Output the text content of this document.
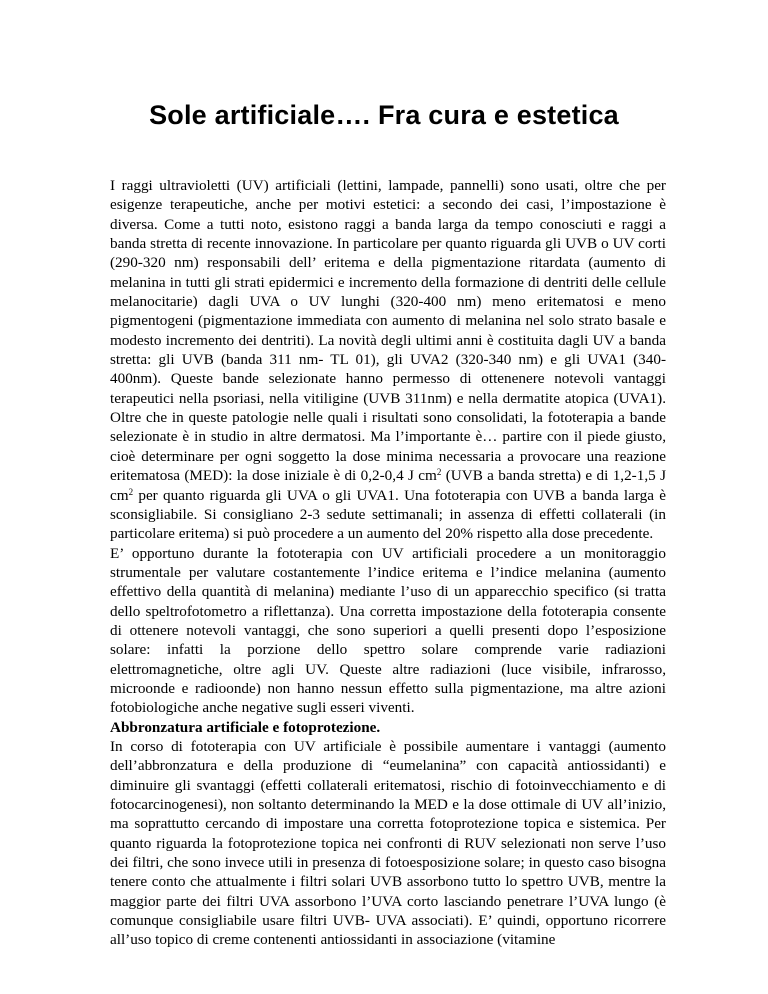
Sole artificiale…. Fra cura e estetica

I raggi ultravioletti (UV) artificiali (lettini, lampade, pannelli) sono usati, oltre che per esigenze terapeutiche, anche per motivi estetici: a secondo dei casi, l’impostazione è diversa. Come a tutti noto, esistono raggi a banda larga da tempo conosciuti e raggi a banda stretta di recente innovazione. In particolare per quanto riguarda gli UVB o UV corti (290-320 nm) responsabili dell’ eritema e della pigmentazione ritardata (aumento di melanina in tutti gli strati epidermici e incremento della formazione di dentriti delle cellule melanocitarie) dagli UVA o UV lunghi (320-400 nm) meno eritematosi e meno pigmentogeni (pigmentazione immediata con aumento di melanina nel solo strato basale e modesto incremento dei dentriti). La novità degli ultimi anni è costituita dagli UV a banda stretta: gli UVB (banda 311 nm- TL 01), gli UVA2 (320-340 nm) e gli UVA1 (340-400nm). Queste bande selezionate hanno permesso di ottenenere notevoli vantaggi terapeutici nella psoriasi, nella vitiligine (UVB 311nm) e nella dermatite atopica (UVA1). Oltre che in queste patologie nelle quali i risultati sono consolidati, la fototerapia a bande selezionate è in studio in altre dermatosi. Ma l’importante è… partire con il piede giusto, cioè determinare per ogni soggetto la dose minima necessaria a provocare una reazione eritematosa (MED): la dose iniziale è di 0,2-0,4 J $cm^2$ (UVB a banda stretta) e di 1,2-1,5 J $cm^2$ per quanto riguarda gli UVA o gli UVA1. Una fototerapia con UVB a banda larga è sconsigliabile. Si consigliano 2-3 sedute settimanali; in assenza di effetti collaterali (in particolare eritema) si può procedere a un aumento del 20% rispetto alla dose precedente.

E’ opportuno durante la fototerapia con UV artificiali procedere a un monitoraggio strumentale per valutare costantemente l’indice eritema e l’indice melanina (aumento effettivo della quantità di melanina) mediante l’uso di un apparecchio specifico (si tratta dello speltrofotometro a riflettanza). Una corretta impostazione della fototerapia consente di ottenere notevoli vantaggi, che sono superiori a quelli presenti dopo l’esposizione solare: infatti la porzione dello spettro solare comprende varie radiazioni elettromagnetiche, oltre agli UV. Queste altre radiazioni (luce visibile, infrarosso, microonde e radioonde) non hanno nessun effetto sulla pigmentazione, ma altre azioni fotobiologiche anche negative sugli esseri viventi.

Abbronzatura artificiale e fotoprotezione.

In corso di fototerapia con UV artificiale è possibile aumentare i vantaggi (aumento dell’abbronzatura e della produzione di “eumelanina” con capacità antiossidanti) e diminuire gli svantaggi (effetti collaterali eritematosi, rischio di fotoinvecchiamento e di fotocarcinogenesi), non soltanto determinando la MED e la dose ottimale di UV all’inizio, ma soprattutto cercando di impostare una corretta fotoprotezione topica e sistemica. Per quanto riguarda la fotoprotezione topica nei confronti di RUV selezionati non serve l’uso dei filtri, che sono invece utili in presenza di fotoesposizione solare; in questo caso bisogna tenere conto che attualmente i filtri solari UVB assorbono tutto lo spettro UVB, mentre la maggior parte dei filtri UVA assorbono l’UVA corto lasciando penetrare l’UVA lungo (è comunque consigliabile usare filtri UVB- UVA associati). E’ quindi, opportuno ricorrere all’uso topico di creme contenenti antiossidanti in associazione (vitamine
